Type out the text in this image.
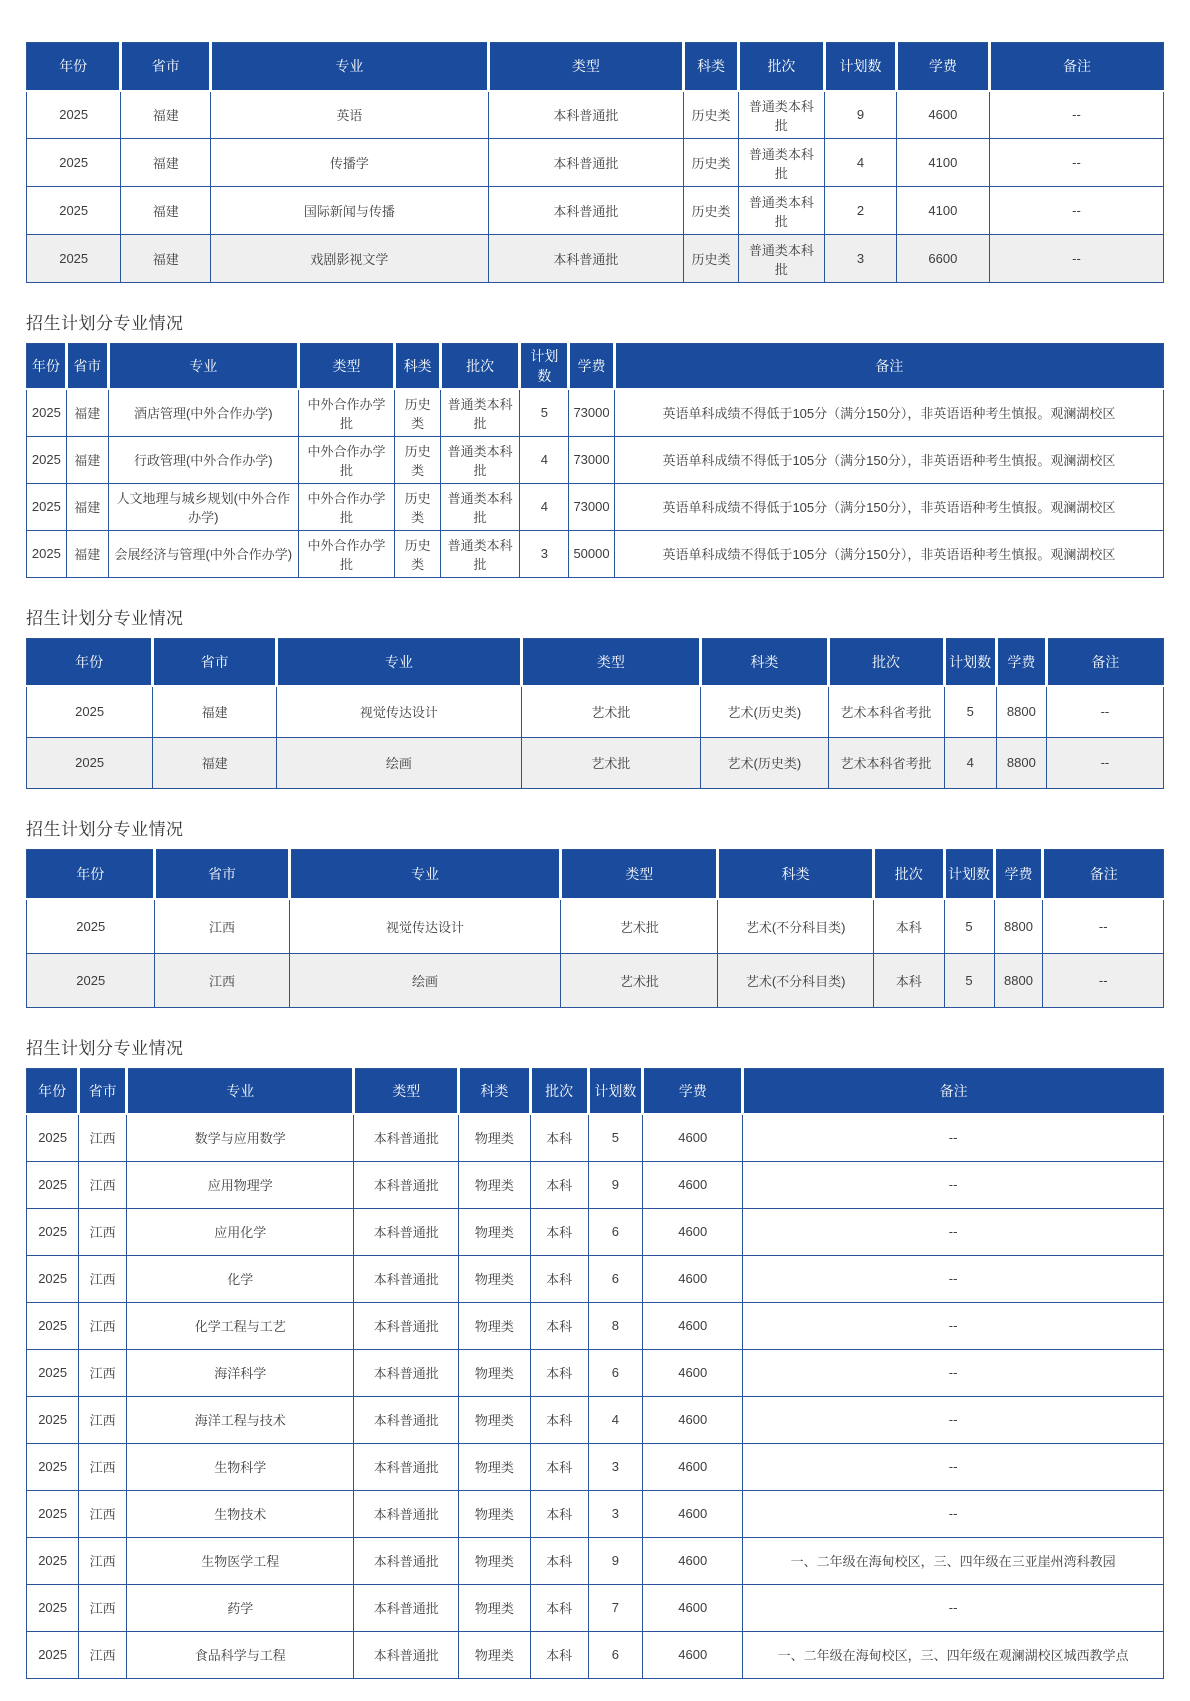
年份	省市	专业	类型	科类	批次	计划数	学费	备注
2025	福建	英语	本科普通批	历史类	普通类本科批	9	4600	--
2025	福建	传播学	本科普通批	历史类	普通类本科批	4	4100	--
2025	福建	国际新闻与传播	本科普通批	历史类	普通类本科批	2	4100	--
2025	福建	戏剧影视文学	本科普通批	历史类	普通类本科批	3	6600	--
招生计划分专业情况
年份	省市	专业	类型	科类	批次	计划数	学费	备注
2025	福建	酒店管理(中外合作办学)	中外合作办学批	历史类	普通类本科批	5	73000	英语单科成绩不得低于105分（满分150分），非英语语种考生慎报。观澜湖校区
2025	福建	行政管理(中外合作办学)	中外合作办学批	历史类	普通类本科批	4	73000	英语单科成绩不得低于105分（满分150分），非英语语种考生慎报。观澜湖校区
2025	福建	人文地理与城乡规划(中外合作办学)	中外合作办学批	历史类	普通类本科批	4	73000	英语单科成绩不得低于105分（满分150分），非英语语种考生慎报。观澜湖校区
2025	福建	会展经济与管理(中外合作办学)	中外合作办学批	历史类	普通类本科批	3	50000	英语单科成绩不得低于105分（满分150分），非英语语种考生慎报。观澜湖校区
招生计划分专业情况
年份	省市	专业	类型	科类	批次	计划数	学费	备注
2025	福建	视觉传达设计	艺术批	艺术(历史类)	艺术本科省考批	5	8800	--
2025	福建	绘画	艺术批	艺术(历史类)	艺术本科省考批	4	8800	--
招生计划分专业情况
年份	省市	专业	类型	科类	批次	计划数	学费	备注
2025	江西	视觉传达设计	艺术批	艺术(不分科目类)	本科	5	8800	--
2025	江西	绘画	艺术批	艺术(不分科目类)	本科	5	8800	--
招生计划分专业情况
年份	省市	专业	类型	科类	批次	计划数	学费	备注
2025	江西	数学与应用数学	本科普通批	物理类	本科	5	4600	--
2025	江西	应用物理学	本科普通批	物理类	本科	9	4600	--
2025	江西	应用化学	本科普通批	物理类	本科	6	4600	--
2025	江西	化学	本科普通批	物理类	本科	6	4600	--
2025	江西	化学工程与工艺	本科普通批	物理类	本科	8	4600	--
2025	江西	海洋科学	本科普通批	物理类	本科	6	4600	--
2025	江西	海洋工程与技术	本科普通批	物理类	本科	4	4600	--
2025	江西	生物科学	本科普通批	物理类	本科	3	4600	--
2025	江西	生物技术	本科普通批	物理类	本科	3	4600	--
2025	江西	生物医学工程	本科普通批	物理类	本科	9	4600	一、二年级在海甸校区，三、四年级在三亚崖州湾科教园
2025	江西	药学	本科普通批	物理类	本科	7	4600	--
2025	江西	食品科学与工程	本科普通批	物理类	本科	6	4600	一、二年级在海甸校区，三、四年级在观澜湖校区城西教学点
